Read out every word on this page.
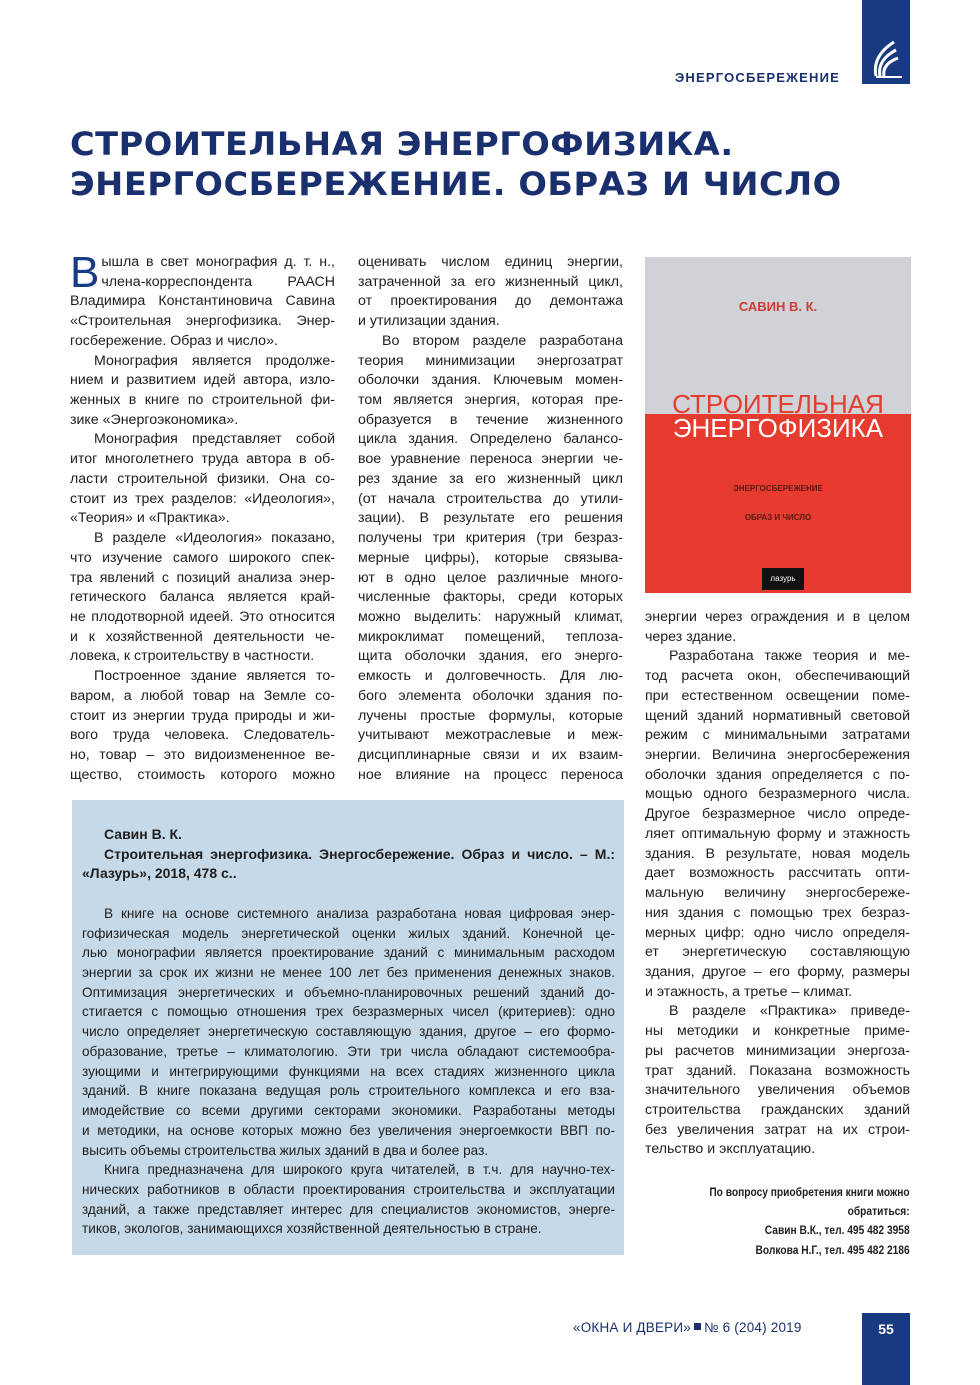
ЭНЕРГОСБЕРЕЖЕНИЕ
СТРОИТЕЛЬНАЯ ЭНЕРГОФИЗИКА.
ЭНЕРГОСБЕРЕЖЕНИЕ. ОБРАЗ И ЧИСЛО
В ышла в свет монография д. т. н.,
члена-корреспондента РААСН
Владимира Константиновича Савина
«Строительная энергофизика. Энер-
госбережение. Образ и число».
Монография является продолже-
нием и развитием идей автора, изло-
женных в книге по строительной фи-
зике «Энергоэкономика».
Монография представляет собой
итог многолетнего труда автора в об-
ласти строительной физики. Она со-
стоит из трех разделов: «Идеология»,
«Теория» и «Практика».
В разделе «Идеология» показано,
что изучение самого широкого спек-
тра явлений с позиций анализа энер-
гетического баланса является край-
не плодотворной идеей. Это относится
и к хозяйственной деятельности че-
ловека, к строительству в частности.
Построенное здание является то-
варом, а любой товар на Земле со-
стоит из энергии труда природы и жи-
вого труда человека. Следователь-
но, товар – это видоизмененное ве-
щество, стоимость которого можно
оценивать числом единиц энергии,
затраченной за его жизненный цикл,
от проектирования до демонтажа
и утилизации здания.
Во втором разделе разработана
теория минимизации энергозатрат
оболочки здания. Ключевым момен-
том является энергия, которая пре-
образуется в течение жизненного
цикла здания. Определено балансо-
вое уравнение переноса энергии че-
рез здание за его жизненный цикл
(от начала строительства до утили-
зации). В результате его решения
получены три критерия (три безраз-
мерные цифры), которые связыва-
ют в одно целое различные много-
численные факторы, среди которых
можно выделить: наружный климат,
микроклимат помещений, теплоза-
щита оболочки здания, его энерго-
емкость и долговечность. Для лю-
бого элемента оболочки здания по-
лучены простые формулы, которые
учитывают межотраслевые и меж-
дисциплинарные связи и их взаим-
ное влияние на процесс переноса
энергии через ограждения и в целом
через здание.
Разработана также теория и ме-
тод расчета окон, обеспечивающий
при естественном освещении поме-
щений зданий нормативный световой
режим с минимальными затратами
энергии. Величина энергосбережения
оболочки здания определяется с по-
мощью одного безразмерного числа.
Другое безразмерное число опреде-
ляет оптимальную форму и этажность
здания. В результате, новая модель
дает возможность рассчитать опти-
мальную величину энергосбереже-
ния здания с помощью трех безраз-
мерных цифр: одно число определя-
ет энергетическую составляющую
здания, другое – его форму, размеры
и этажность, а третье – климат.
В разделе «Практика» приведе-
ны методики и конкретные приме-
ры расчетов минимизации энергоза-
трат зданий. Показана возможность
значительного увеличения объемов
строительства гражданских зданий
без увеличения затрат на их строи-
тельство и эксплуатацию.
САВИН В. К.
СТРОИТЕЛЬНАЯ
ЭНЕРГОФИЗИКА
ЭНЕРГОСБЕРЕЖЕНИЕ
ОБРАЗ И ЧИСЛО
лазурь
Савин В. К.
Строительная энергофизика. Энергосбережение. Образ и число. – М.:
«Лазурь», 2018, 478 с..
В книге на основе системного анализа разработана новая цифровая энер-
гофизическая модель энергетической оценки жилых зданий. Конечной це-
лью монографии является проектирование зданий с минимальным расходом
энергии за срок их жизни не менее 100 лет без применения денежных знаков.
Оптимизация энергетических и объемно-планировочных решений зданий до-
стигается с помощью отношения трех безразмерных чисел (критериев): одно
число определяет энергетическую составляющую здания, другое – его формо-
образование, третье – климатологию. Эти три числа обладают системообра-
зующими и интегрирующими функциями на всех стадиях жизненного цикла
зданий. В книге показана ведущая роль строительного комплекса и его вза-
имодействие со всеми другими секторами экономики. Разработаны методы
и методики, на основе которых можно без увеличения энергоемкости ВВП по-
высить объемы строительства жилых зданий в два и более раз.
Книга предназначена для широкого круга читателей, в т.ч. для научно-тех-
нических работников в области проектирования строительства и эксплуатации
зданий, а также представляет интерес для специалистов экономистов, энерге-
тиков, экологов, занимающихся хозяйственной деятельностью в стране.
По вопросу приобретения книги можно
обратиться:
Савин В.К., тел. 495 482 3958
Волкова Н.Г., тел. 495 482 2186
«ОКНА И ДВЕРИ» № 6 (204) 2019	55
